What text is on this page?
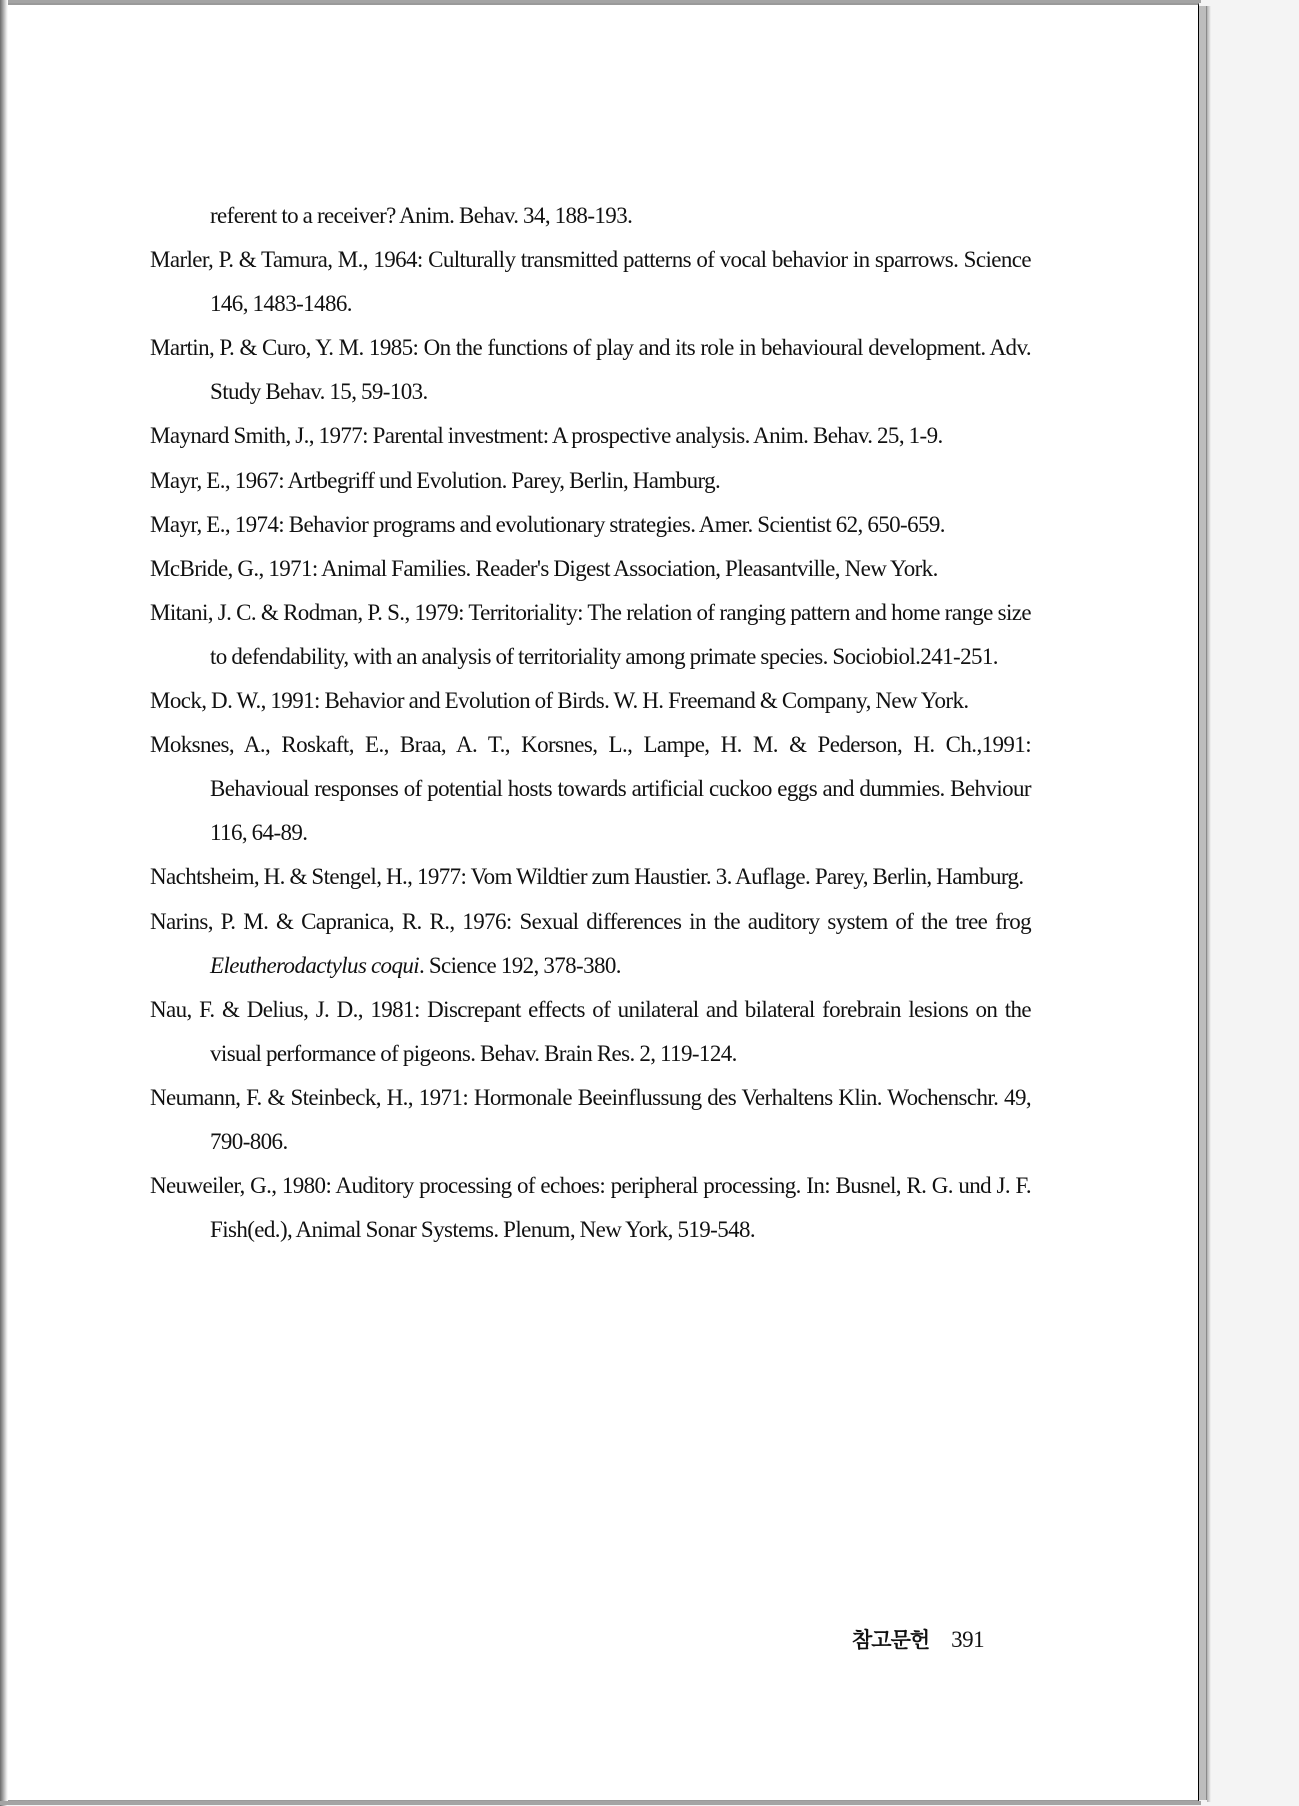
referent to a receiver? Anim. Behav. 34, 188-193.

Marler, P. & Tamura, M., 1964: Culturally transmitted patterns of vocal behavior in sparrows. Science 146, 1483-1486.

Martin, P. & Curo, Y. M. 1985: On the functions of play and its role in behavioural development. Adv. Study Behav. 15, 59-103.

Maynard Smith, J., 1977: Parental investment: A prospective analysis. Anim. Behav. 25, 1-9.

Mayr, E., 1967: Artbegriff und Evolution. Parey, Berlin, Hamburg.

Mayr, E., 1974: Behavior programs and evolutionary strategies. Amer. Scientist 62, 650-659.

McBride, G., 1971: Animal Families. Reader's Digest Association, Pleasantville, New York.

Mitani, J. C. & Rodman, P. S., 1979: Territoriality: The relation of ranging pattern and home range size to defendability, with an analysis of territoriality among primate species. Sociobiol.241-251.

Mock, D. W., 1991: Behavior and Evolution of Birds. W. H. Freemand & Company, New York.

Moksnes, A., Roskaft, E., Braa, A. T., Korsnes, L., Lampe, H. M. & Pederson, H. Ch.,1991: Behavioual responses of potential hosts towards artificial cuckoo eggs and dummies. Behviour 116, 64-89.

Nachtsheim, H. & Stengel, H., 1977: Vom Wildtier zum Haustier. 3. Auflage. Parey, Berlin, Hamburg.

Narins, P. M. & Capranica, R. R., 1976: Sexual differences in the auditory system of the tree frog Eleutherodactylus coqui. Science 192, 378-380.

Nau, F. & Delius, J. D., 1981: Discrepant effects of unilateral and bilateral forebrain lesions on the visual performance of pigeons. Behav. Brain Res. 2, 119-124.

Neumann, F. & Steinbeck, H., 1971: Hormonale Beeinflussung des Verhaltens Klin. Wochenschr. 49, 790-806.

Neuweiler, G., 1980: Auditory processing of echoes: peripheral processing. In: Busnel, R. G. und J. F. Fish(ed.), Animal Sonar Systems. Plenum, New York, 519-548.

참고문헌 391
